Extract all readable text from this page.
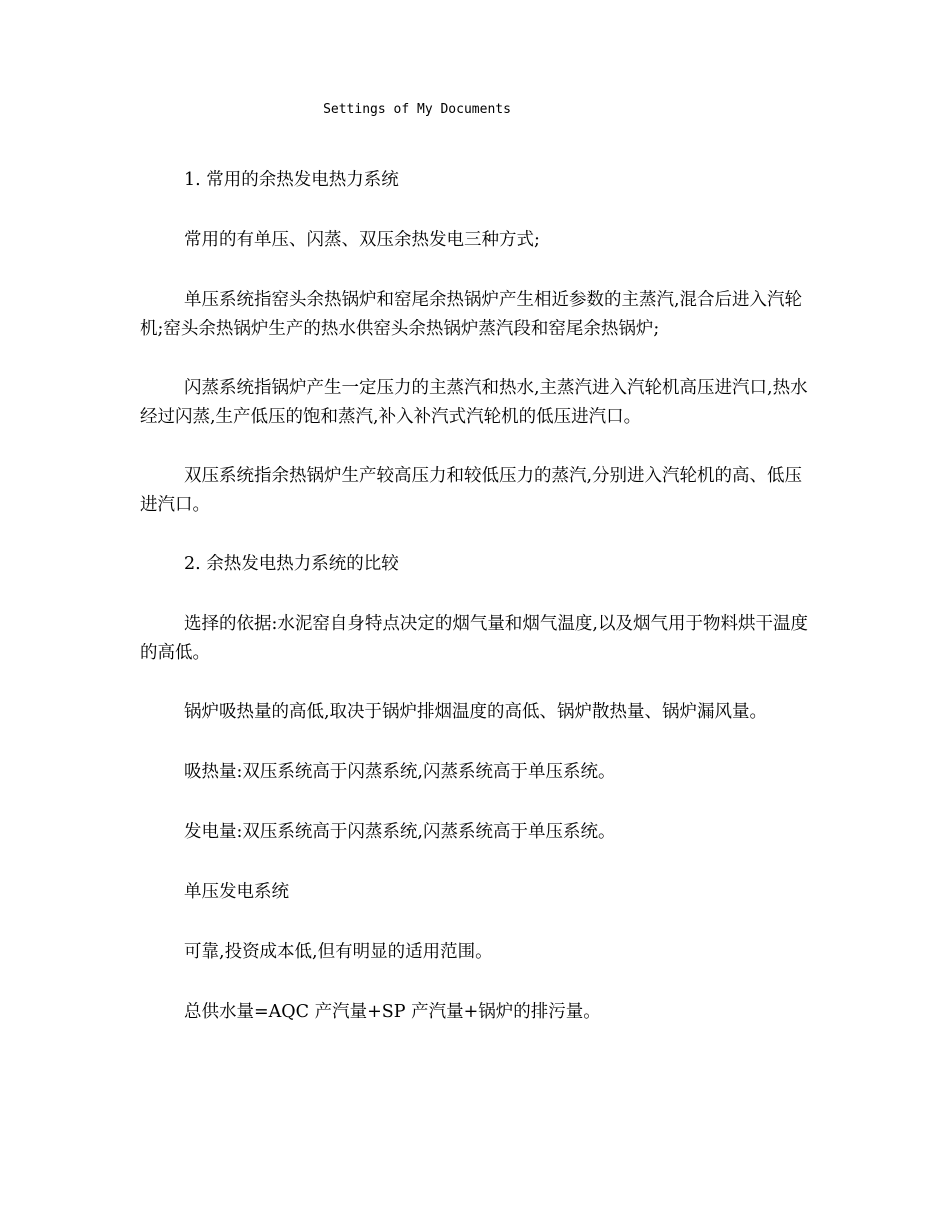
Settings of My Documents

1. 常用的余热发电热力系统

常用的有单压、闪蒸、双压余热发电三种方式;

单压系统指窑头余热锅炉和窑尾余热锅炉产生相近参数的主蒸汽,混合后进入汽轮机;窑头余热锅炉生产的热水供窑头余热锅炉蒸汽段和窑尾余热锅炉;

闪蒸系统指锅炉产生一定压力的主蒸汽和热水,主蒸汽进入汽轮机高压进汽口,热水经过闪蒸,生产低压的饱和蒸汽,补入补汽式汽轮机的低压进汽口。

双压系统指余热锅炉生产较高压力和较低压力的蒸汽,分别进入汽轮机的高、低压进汽口。

2. 余热发电热力系统的比较

选择的依据:水泥窑自身特点决定的烟气量和烟气温度,以及烟气用于物料烘干温度的高低。

锅炉吸热量的高低,取决于锅炉排烟温度的高低、锅炉散热量、锅炉漏风量。

吸热量:双压系统高于闪蒸系统,闪蒸系统高于单压系统。

发电量:双压系统高于闪蒸系统,闪蒸系统高于单压系统。

单压发电系统

可靠,投资成本低,但有明显的适用范围。

总供水量=AQC 产汽量+SP 产汽量+锅炉的排污量。
